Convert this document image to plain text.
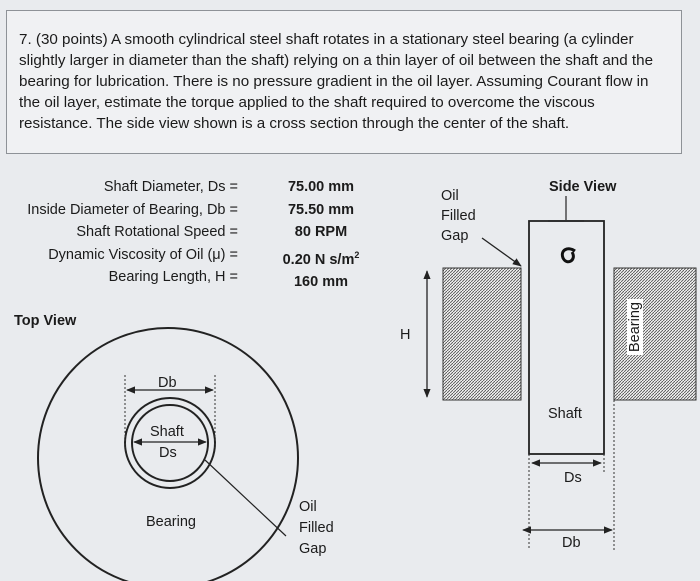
7. (30 points) A smooth cylindrical steel shaft rotates in a stationary steel bearing (a cylinder slightly larger in diameter than the shaft) relying on a thin layer of oil between the shaft and the bearing for lubrication. There is no pressure gradient in the oil layer. Assuming Courant flow in the oil layer, estimate the torque applied to the shaft required to overcome the viscous resistance. The side view shown is a cross section through the center of the shaft.

Shaft Diameter, Ds =
Inside Diameter of Bearing, Db =
Shaft Rotational Speed =
Dynamic Viscosity of Oil (μ) =
Bearing Length, H =
75.00 mm
75.50 mm
80 RPM
0.20 N $s/m^2$
160 mm
Top View
Db
Shaft
Ds
Bearing
Oil
Filled
Gap
Side View
Oil
Filled
Gap
H
Shaft
Ds
Db
Bearing
